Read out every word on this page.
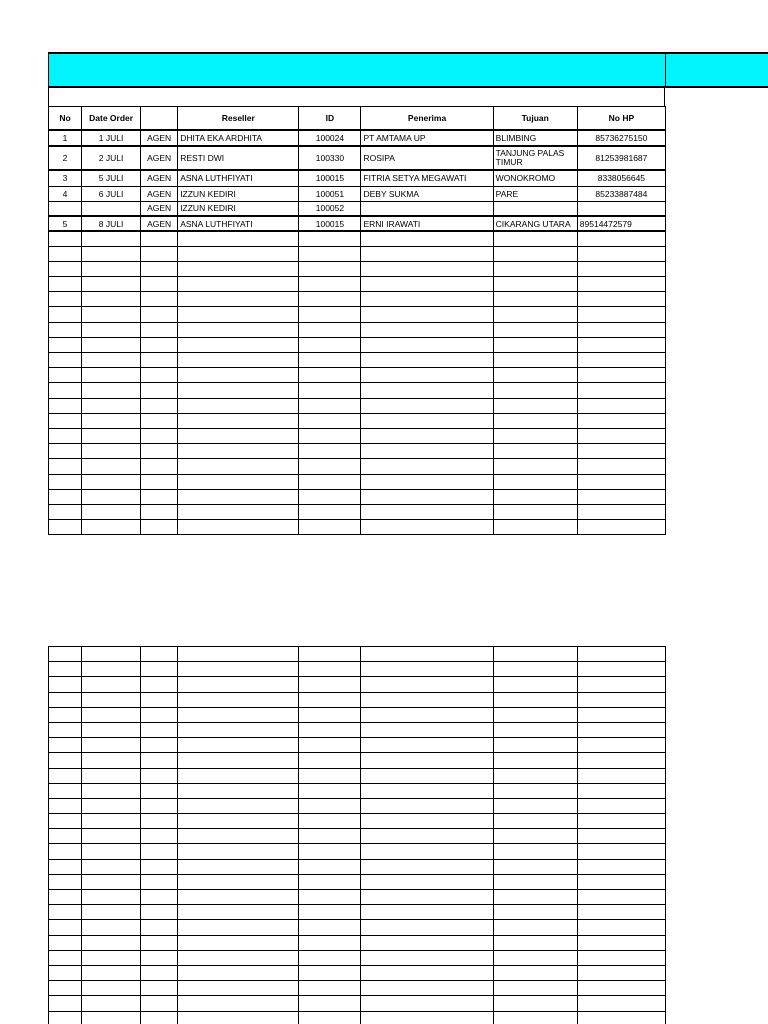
No	Date Order		Reseller	ID	Penerima	Tujuan	No HP
1	1 JULI	AGEN	DHITA EKA ARDHITA	100024	PT AMTAMA UP	BLIMBING	85736275150
2	2 JULI	AGEN	RESTI DWI	100330	ROSIPA	TANJUNG PALAS TIMUR	81253981687
3	5 JULI	AGEN	ASNA LUTHFIYATI	100015	FITRIA SETYA MEGAWATI	WONOKROMO	8338056645
4	6 JULI	AGEN	IZZUN KEDIRI	100051	DEBY SUKMA	PARE	85233887484
		AGEN	IZZUN KEDIRI	100052			
5	8 JULI	AGEN	ASNA LUTHFIYATI	100015	ERNI IRAWATI	CIKARANG UTARA	89514472579
